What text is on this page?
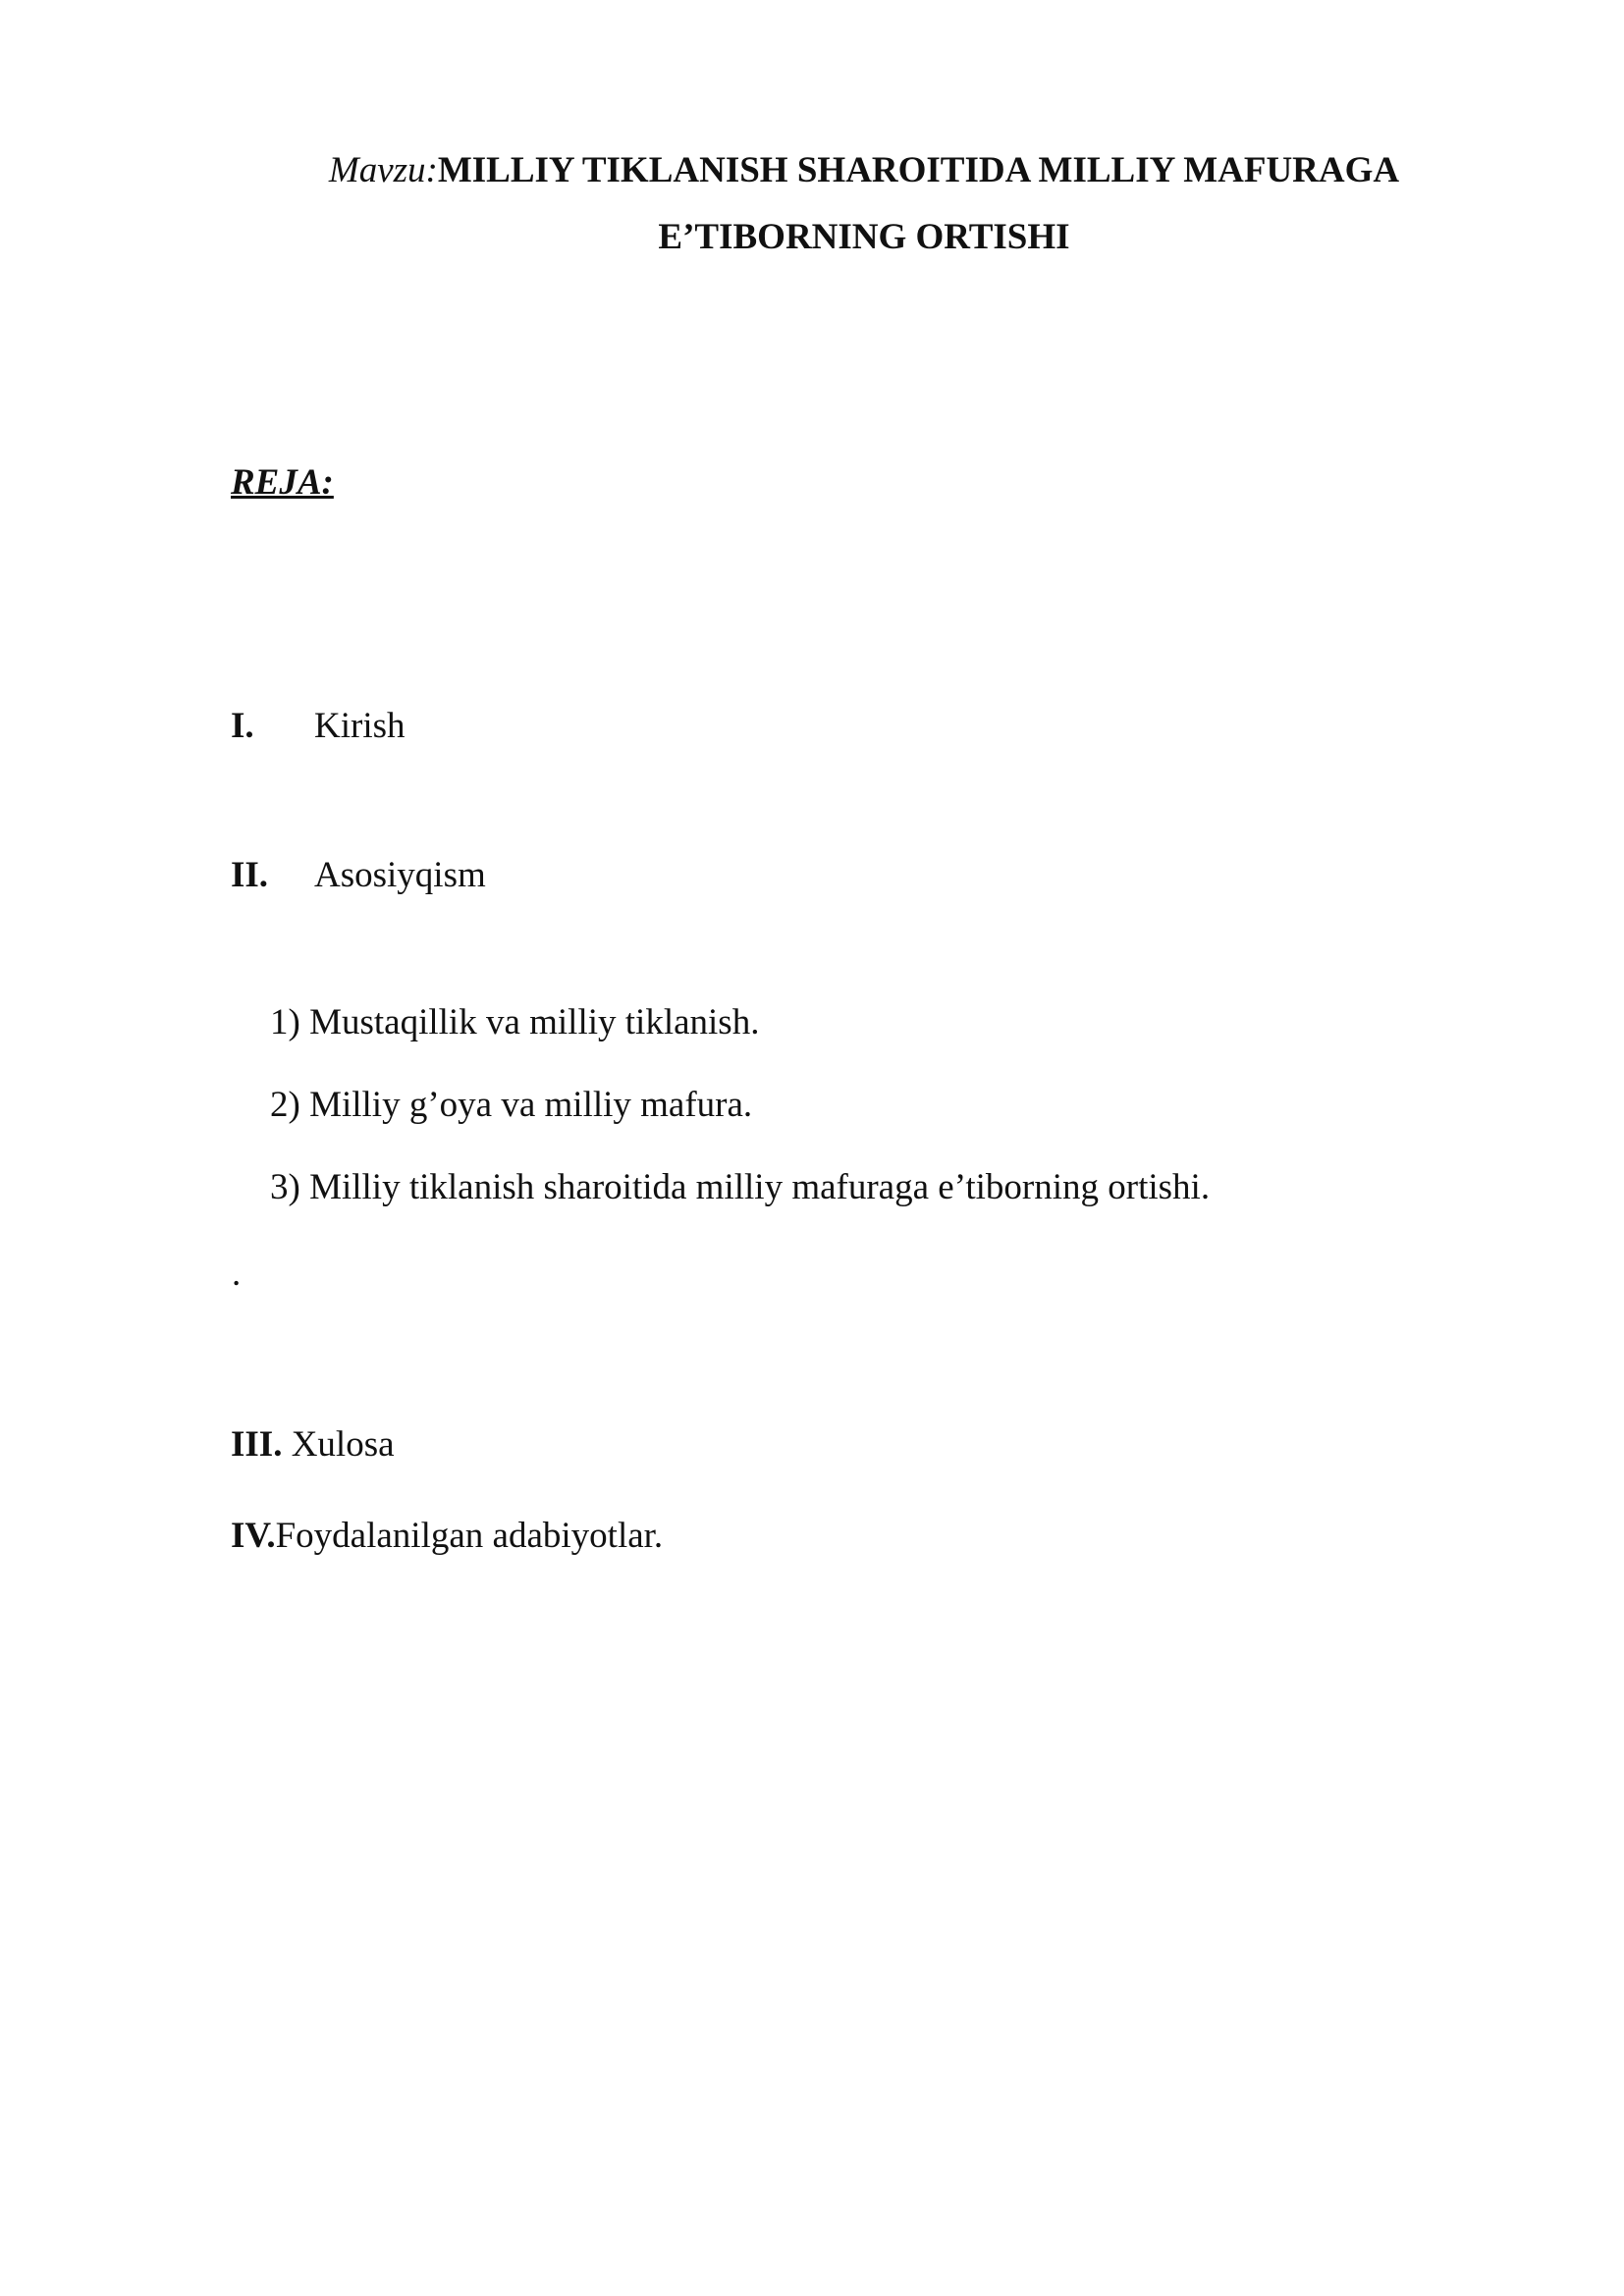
Mavzu:MILLIY TIKLANISH SHAROITIDA MILLIY MAFURAGA
E’TIBORNING ORTISHI
REJA:
I. Kirish
II. Asosiyqism
1) Mustaqillik va milliy tiklanish.
2) Milliy g’oya va milliy mafura.
3) Milliy tiklanish sharoitida milliy mafuraga e’tiborning ortishi.
.
III. Xulosa
IV.Foydalanilgan adabiyotlar.
